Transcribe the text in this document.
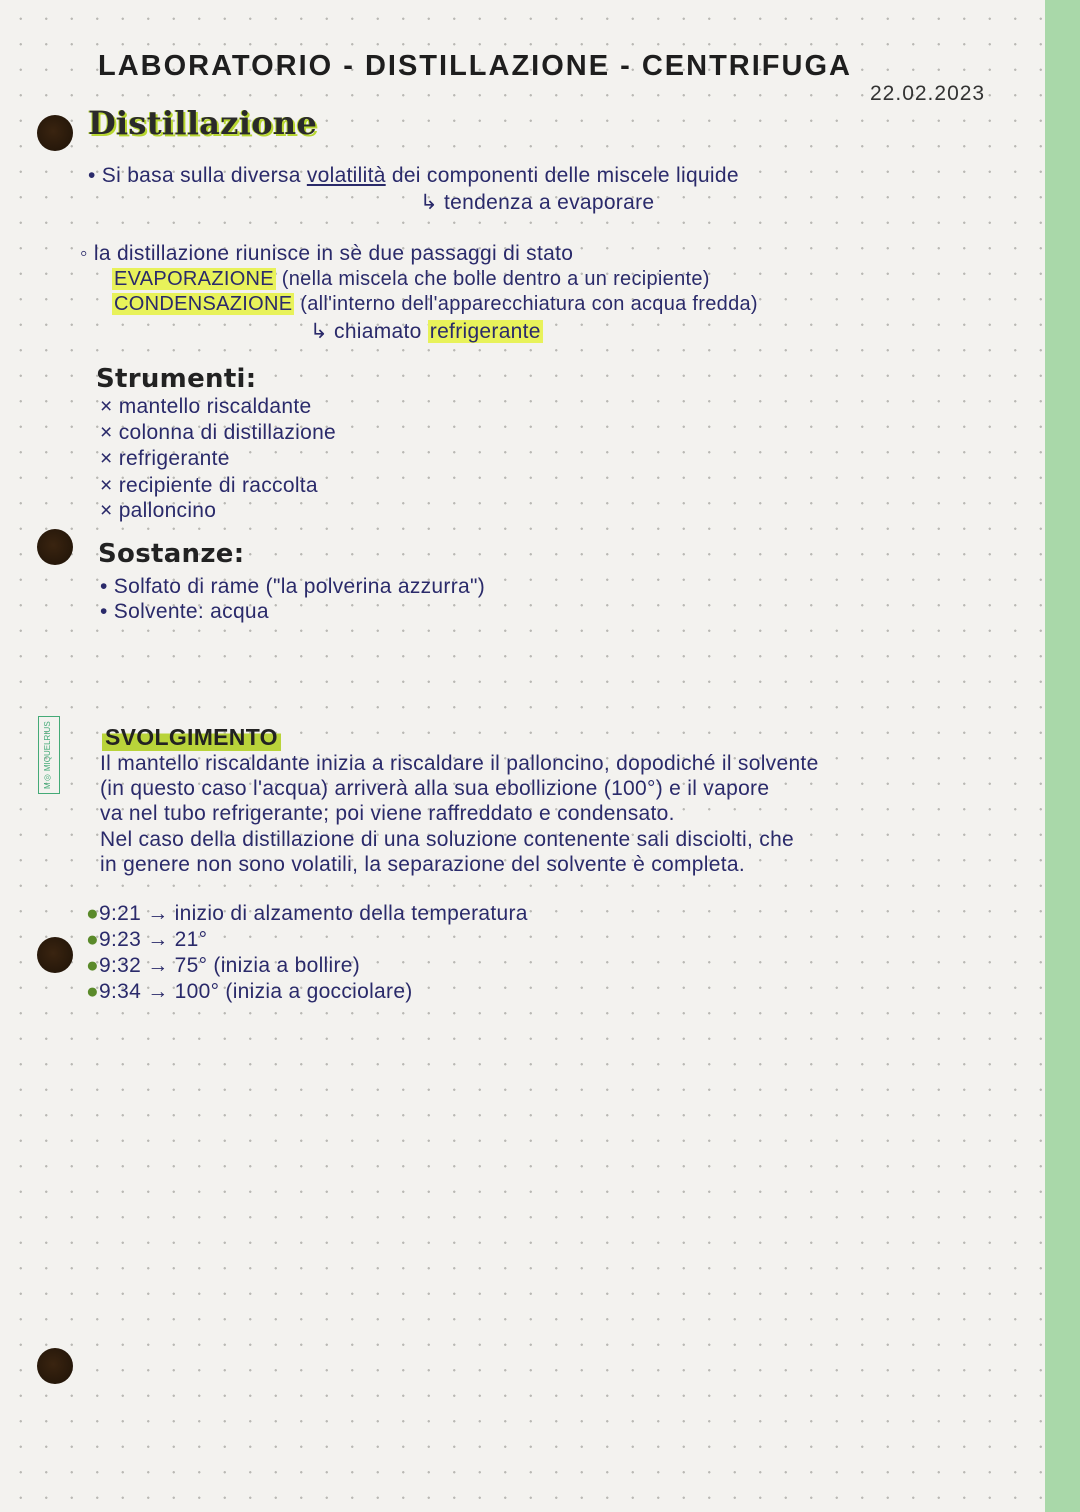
M◎ MIQUELRIUS
LABORATORIO - DISTILLAZIONE - CENTRIFUGA
22.02.2023
Distillazione
• Si basa sulla diversa volatilità dei componenti delle miscele liquide
↳ tendenza a evaporare
◦ la distillazione riunisce in sè due passaggi di stato
EVAPORAZIONE (nella miscela che bolle dentro a un recipiente)
CONDENSAZIONE (all'interno dell'apparecchiatura con acqua fredda)
↳ chiamato refrigerante
Strumenti:
× mantello riscaldante
× colonna di distillazione
× refrigerante
× recipiente di raccolta
× palloncino
Sostanze:
• Solfato di rame ("la polverina azzurra")
• Solvente: acqua
SVOLGIMENTO
Il mantello riscaldante inizia a riscaldare il palloncino, dopodiché il solvente
(in questo caso l'acqua) arriverà alla sua ebollizione (100°) e il vapore
va nel tubo refrigerante; poi viene raffreddato e condensato.
Nel caso della distillazione di una soluzione contenente sali disciolti, che
in genere non sono volatili, la separazione del solvente è completa.
●9:21 → inizio di alzamento della temperatura
●9:23 → 21°
●9:32 → 75° (inizia a bollire)
●9:34 → 100° (inizia a gocciolare)
